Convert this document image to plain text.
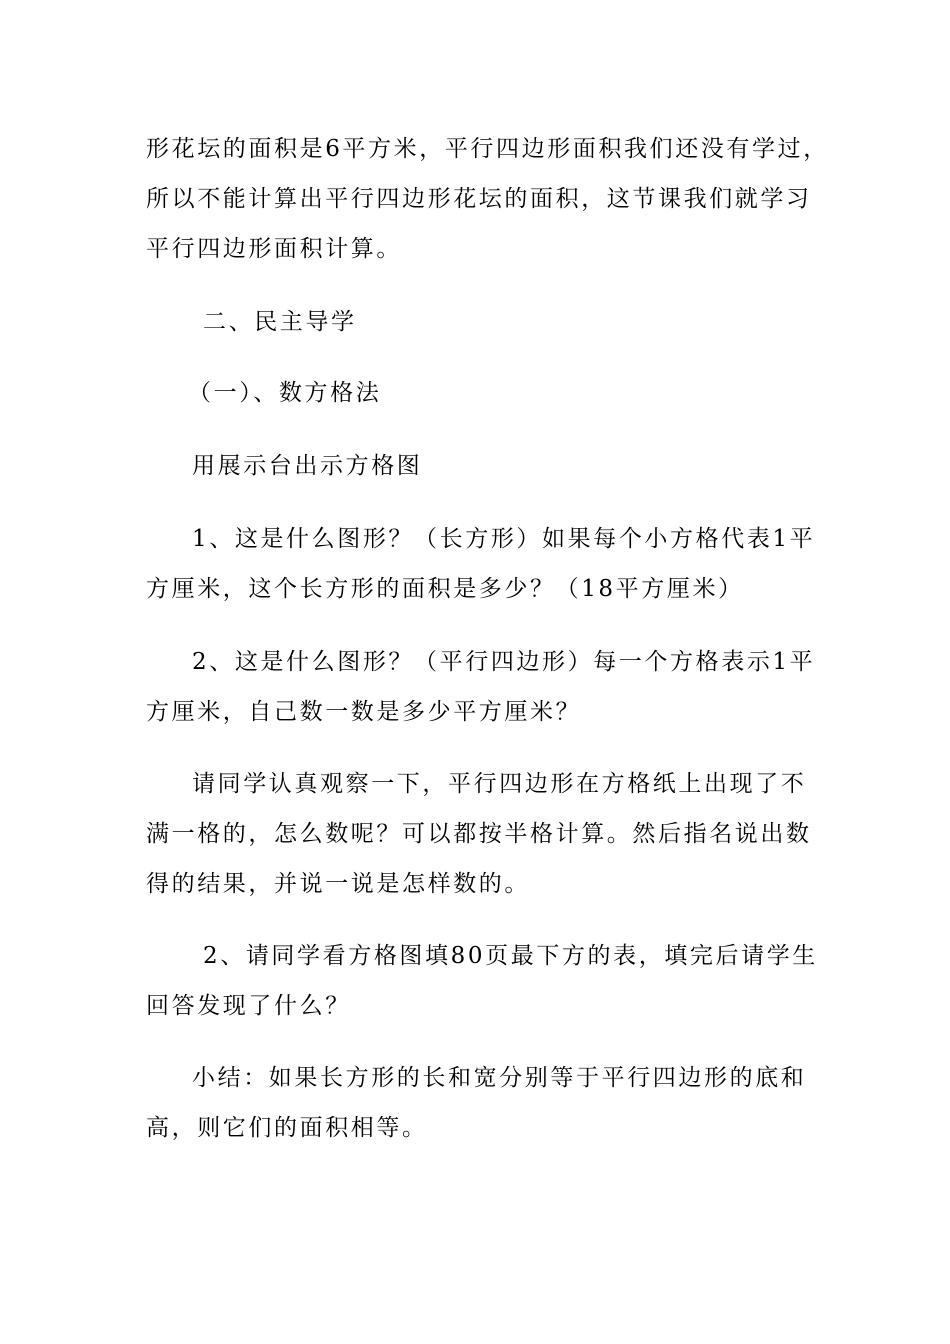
形花坛的面积是6平方米，平行四边形面积我们还没有学过，

所以不能计算出平行四边形花坛的面积，这节课我们就学习

平行四边形面积计算。

二、民主导学

（一）、数方格法

用展示台出示方格图

1、这是什么图形？（长方形）如果每个小方格代表1平

方厘米，这个长方形的面积是多少？（18平方厘米）

2、这是什么图形？（平行四边形）每一个方格表示1平

方厘米，自己数一数是多少平方厘米？

请同学认真观察一下，平行四边形在方格纸上出现了不

满一格的，怎么数呢？可以都按半格计算。然后指名说出数

得的结果，并说一说是怎样数的。

2、请同学看方格图填80页最下方的表，填完后请学生

回答发现了什么？

小结：如果长方形的长和宽分别等于平行四边形的底和

高，则它们的面积相等。
